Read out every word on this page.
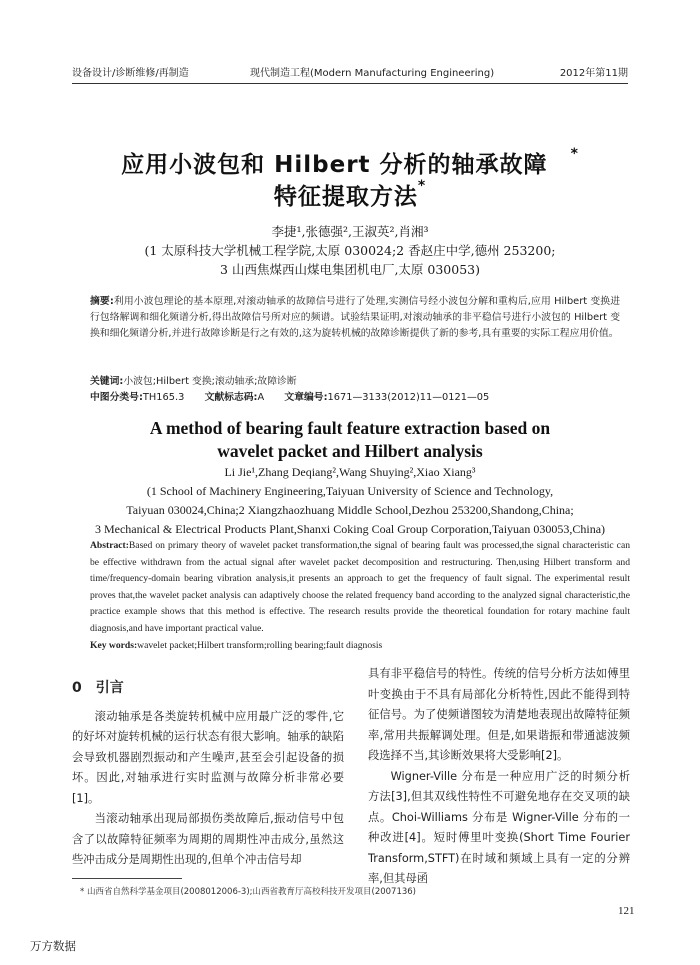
设备设计/诊断维修/再制造	现代制造工程(Modern Manufacturing Engineering)	2012年第11期
应用小波包和 Hilbert 分析的轴承故障 *
特征提取方法*
李捷¹,张德强²,王淑英²,肖湘³
(1 太原科技大学机械工程学院,太原 030024;2 香赵庄中学,德州 253200;
3 山西焦煤西山煤电集团机电厂,太原 030053)
摘要:利用小波包理论的基本原理,对滚动轴承的故障信号进行了处理,实测信号经小波包分解和重构后,应用 Hilbert 变换进行包络解调和细化频谱分析,得出故障信号所对应的频谱。试验结果证明,对滚动轴承的非平稳信号进行小波包的 Hilbert 变换和细化频谱分析,并进行故障诊断是行之有效的,这为旋转机械的故障诊断提供了新的参考,具有重要的实际工程应用价值。
关键词:小波包;Hilbert 变换;滚动轴承;故障诊断
中图分类号:TH165.3 文献标志码:A 文章编号:1671—3133(2012)11—0121—05
A method of bearing fault feature extraction based on
wavelet packet and Hilbert analysis
Li Jie¹,Zhang Deqiang²,Wang Shuying²,Xiao Xiang³
(1 School of Machinery Engineering,Taiyuan University of Science and Technology,
Taiyuan 030024,China;2 Xiangzhaozhuang Middle School,Dezhou 253200,Shandong,China;
3 Mechanical & Electrical Products Plant,Shanxi Coking Coal Group Corporation,Taiyuan 030053,China)
Abstract:Based on primary theory of wavelet packet transformation,the signal of bearing fault was processed,the signal characteristic can be effective withdrawn from the actual signal after wavelet packet decomposition and restructuring. Then,using Hilbert transform and time/frequency-domain bearing vibration analysis,it presents an approach to get the frequency of fault signal. The experimental result proves that,the wavelet packet analysis can adaptively choose the related frequency band according to the analyzed signal characteristic,the practice example shows that this method is effective. The research results provide the theoretical foundation for rotary machine fault diagnosis,and have important practical value.
Key words:wavelet packet;Hilbert transform;rolling bearing;fault diagnosis

0　引言

滚动轴承是各类旋转机械中应用最广泛的零件,它的好坏对旋转机械的运行状态有很大影响。轴承的缺陷会导致机器剧烈振动和产生噪声,甚至会引起设备的损坏。因此,对轴承进行实时监测与故障分析非常必要[1]。

当滚动轴承出现局部损伤类故障后,振动信号中包含了以故障特征频率为周期的周期性冲击成分,虽然这些冲击成分是周期性出现的,但单个冲击信号却

具有非平稳信号的特性。传统的信号分析方法如傅里叶变换由于不具有局部化分析特性,因此不能得到特征信号。为了使频谱图较为清楚地表现出故障特征频率,常用共振解调处理。但是,如果谐振和带通滤波频段选择不当,其诊断效果将大受影响[2]。

Wigner-Ville 分布是一种应用广泛的时频分析方法[3],但其双线性特性不可避免地存在交叉项的缺点。Choi-Williams 分布是 Wigner-Ville 分布的一种改进[4]。短时傅里叶变换(Short Time Fourier Transform,STFT)在时域和频域上具有一定的分辨率,但其母函

* 山西省自然科学基金项目(2008012006-3);山西省教育厅高校科技开发项目(2007136)
121
万方数据
